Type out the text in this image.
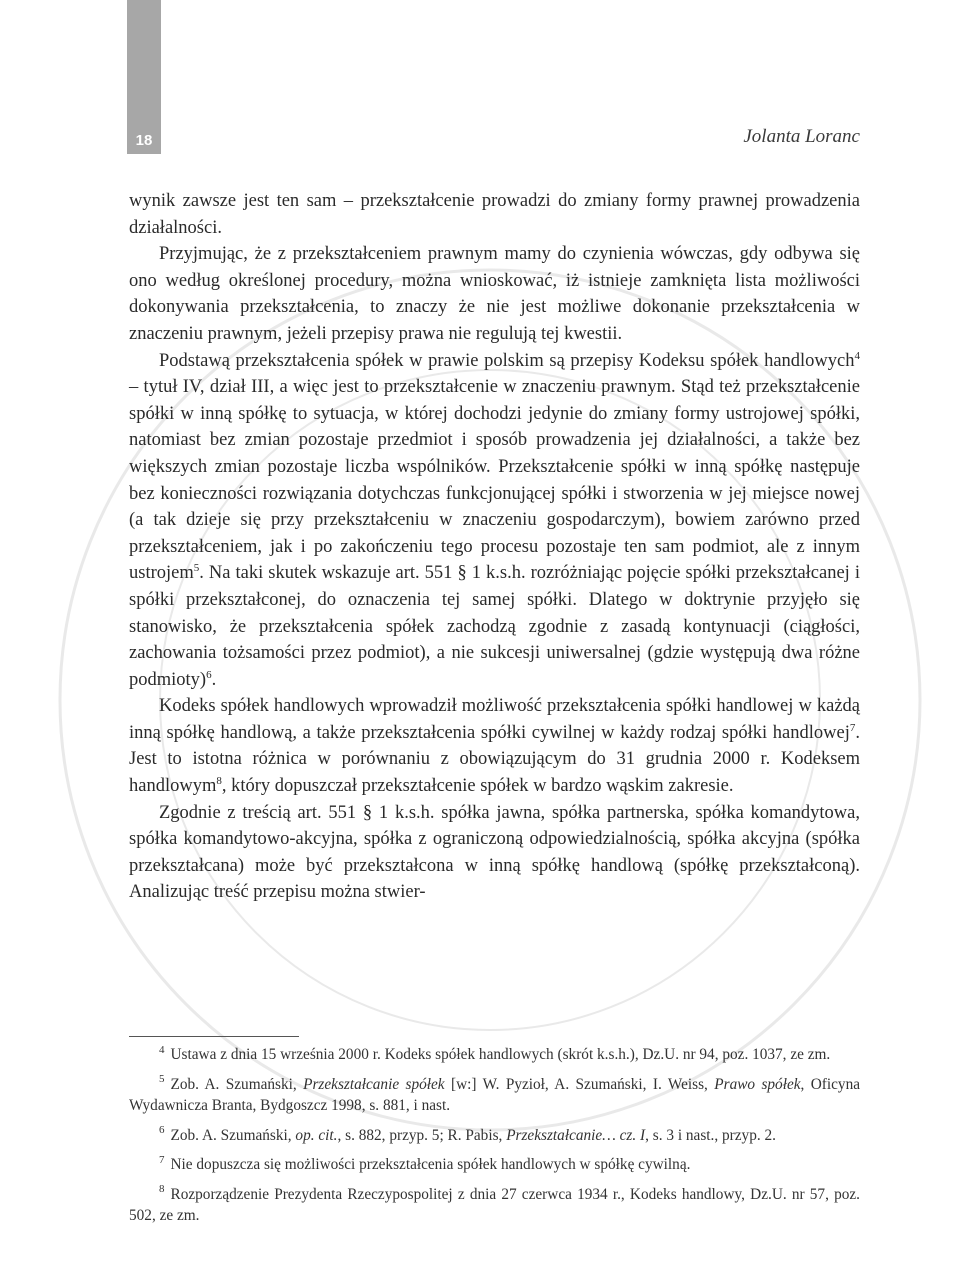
18	Jolanta Loranc

wynik zawsze jest ten sam – przekształcenie prowadzi do zmiany formy prawnej prowadzenia działalności.

Przyjmując, że z przekształceniem prawnym mamy do czynienia wówczas, gdy odbywa się ono według określonej procedury, można wnioskować, iż istnieje zamknięta lista możliwości dokonywania przekształcenia, to znaczy że nie jest możliwe dokonanie przekształcenia w znaczeniu prawnym, jeżeli przepisy prawa nie regulują tej kwestii.

Podstawą przekształcenia spółek w prawie polskim są przepisy Kodeksu spółek handlowych$^4$ – tytuł IV, dział III, a więc jest to przekształcenie w znaczeniu prawnym. Stąd też przekształcenie spółki w inną spółkę to sytuacja, w której dochodzi jedynie do zmiany formy ustrojowej spółki, natomiast bez zmian pozostaje przedmiot i sposób prowadzenia jej działalności, a także bez większych zmian pozostaje liczba wspólników. Przekształcenie spółki w inną spółkę następuje bez konieczności rozwiązania dotychczas funkcjonującej spółki i stworzenia w jej miejsce nowej (a tak dzieje się przy przekształceniu w znaczeniu gospodarczym), bowiem zarówno przed przekształceniem, jak i po zakończeniu tego procesu pozostaje ten sam podmiot, ale z innym ustrojem$^5$. Na taki skutek wskazuje art. 551 § 1 k.s.h. rozróżniając pojęcie spółki przekształcanej i spółki przekształconej, do oznaczenia tej samej spółki. Dlatego w doktrynie przyjęło się stanowisko, że przekształcenia spółek zachodzą zgodnie z zasadą kontynuacji (ciągłości, zachowania tożsamości przez podmiot), a nie sukcesji uniwersalnej (gdzie występują dwa różne podmioty)$^6$.

Kodeks spółek handlowych wprowadził możliwość przekształcenia spółki handlowej w każdą inną spółkę handlową, a także przekształcenia spółki cywilnej w każdy rodzaj spółki handlowej$^7$. Jest to istotna różnica w porównaniu z obowiązującym do 31 grudnia 2000 r. Kodeksem handlowym$^8$, który dopuszczał przekształcenie spółek w bardzo wąskim zakresie.

Zgodnie z treścią art. 551 § 1 k.s.h. spółka jawna, spółka partnerska, spółka komandytowa, spółka komandytowo-akcyjna, spółka z ograniczoną odpowiedzialnością, spółka akcyjna (spółka przekształcana) może być przekształcona w inną spółkę handlową (spółkę przekształconą). Analizując treść przepisu można stwier-

$^4$ Ustawa z dnia 15 września 2000 r. Kodeks spółek handlowych (skrót k.s.h.), Dz.U. nr 94, poz. 1037, ze zm.

$^5$ Zob. A. Szumański, Przekształcanie spółek [w:] W. Pyzioł, A. Szumański, I. Weiss, Prawo spółek, Oficyna Wydawnicza Branta, Bydgoszcz 1998, s. 881, i nast.

$^6$ Zob. A. Szumański, op. cit., s. 882, przyp. 5; R. Pabis, Przekształcanie… cz. I, s. 3 i nast., przyp. 2.

$^7$ Nie dopuszcza się możliwości przekształcenia spółek handlowych w spółkę cywilną.

$^8$ Rozporządzenie Prezydenta Rzeczypospolitej z dnia 27 czerwca 1934 r., Kodeks handlowy, Dz.U. nr 57, poz. 502, ze zm.
